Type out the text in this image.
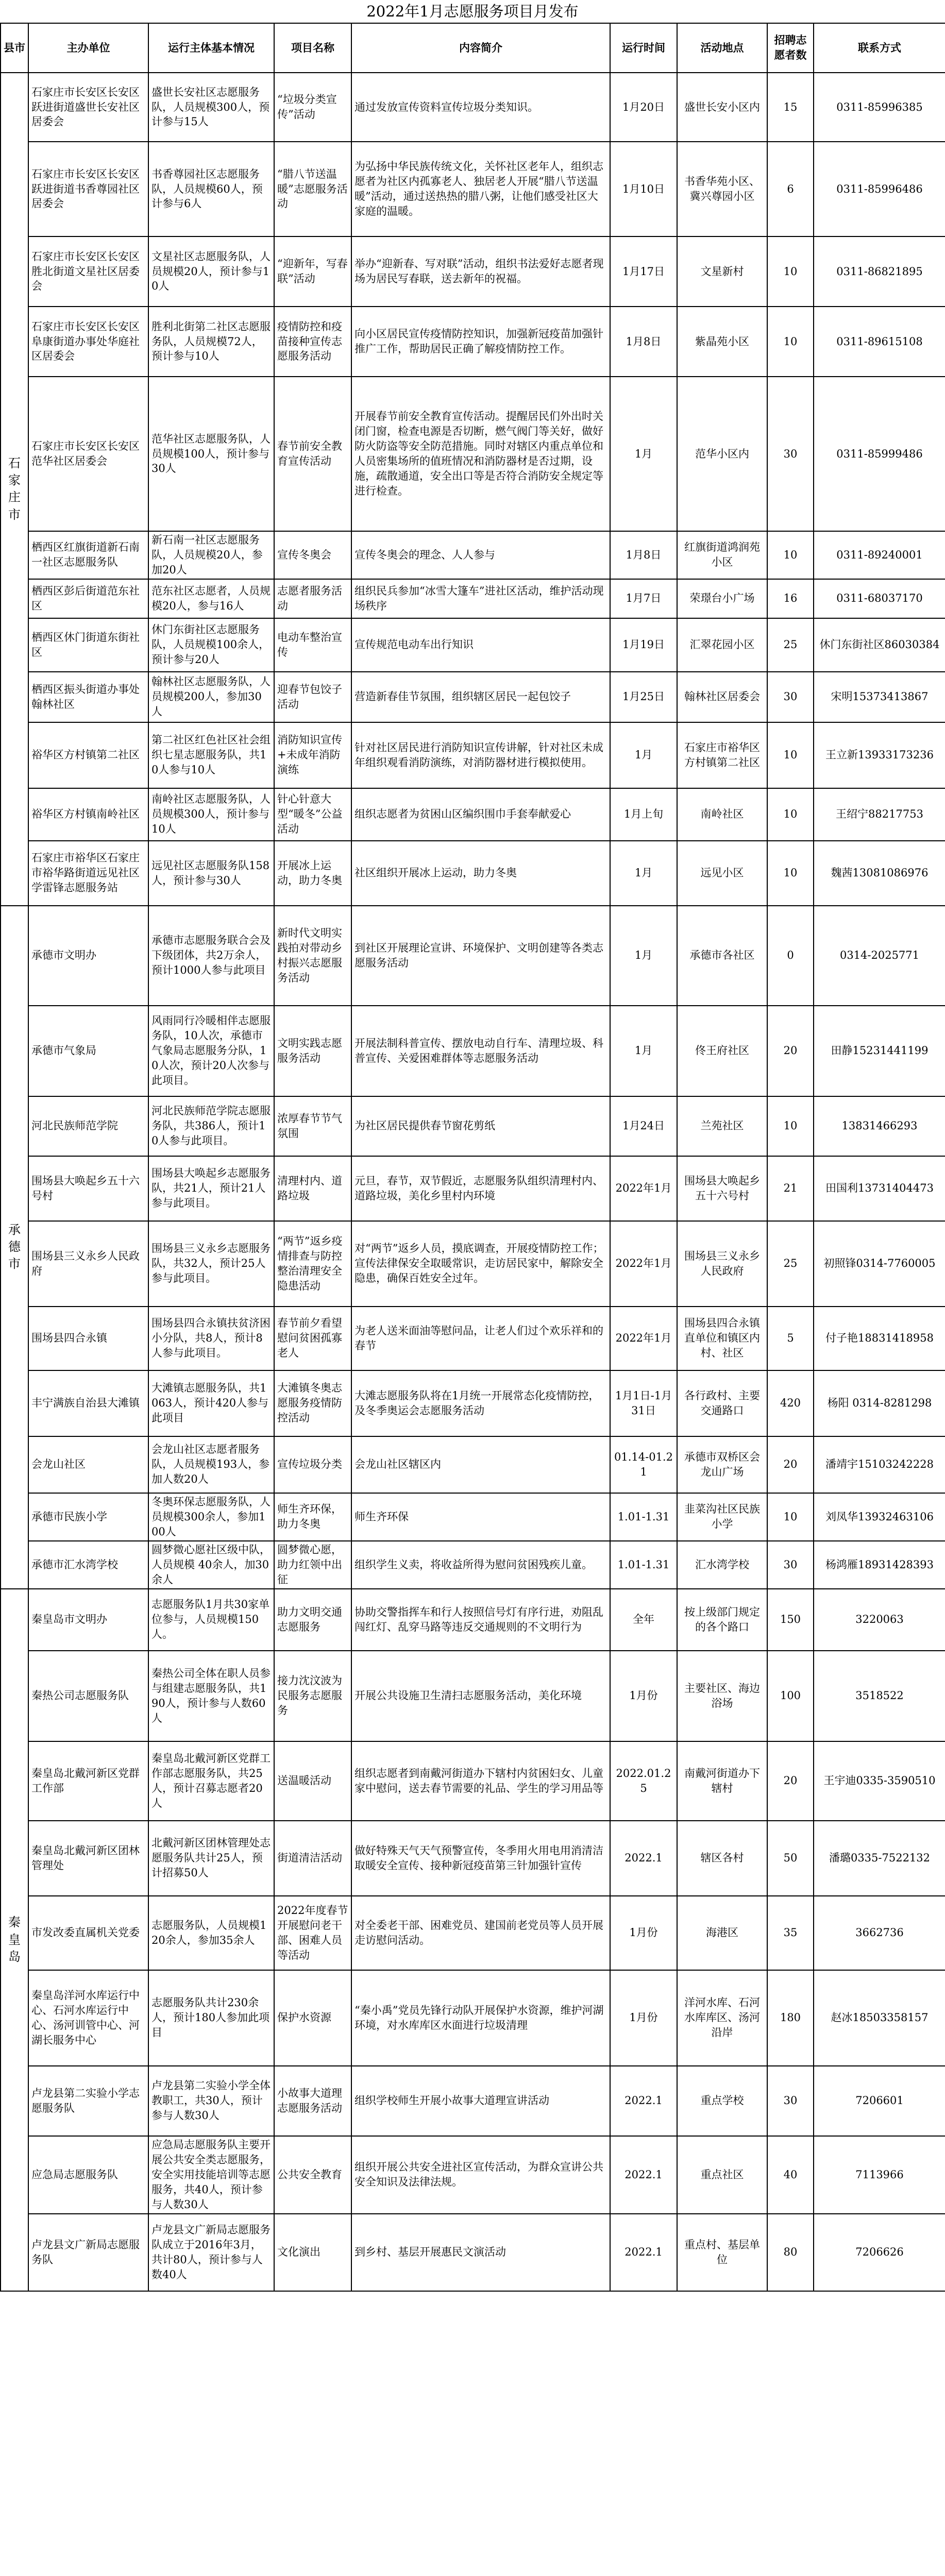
2022年1月志愿服务项目月发布
县市	主办单位	运行主体基本情况	项目名称	内容简介	运行时间	活动地点	招聘志愿者数	联系方式
石家庄市	石家庄市长安区长安区跃进街道盛世长安社区居委会	盛世长安社区志愿服务队，人员规模300人，预计参与15人	“垃圾分类宣传”活动	通过发放宣传资料宣传垃圾分类知识。	1月20日	盛世长安小区内	15	0311-85996385
	石家庄市长安区长安区跃进街道书香尊园社区居委会	书香尊园社区志愿服务队，人员规模60人，预计参与6人	“腊八节送温暖”志愿服务活动	为弘扬中华民族传统文化，关怀社区老年人，组织志愿者为社区内孤寡老人、独居老人开展“腊八节送温暖”活动，通过送热热的腊八粥，让他们感受社区大家庭的温暖。	1月10日	书香华苑小区、冀兴尊园小区	6	0311-85996486
	石家庄市长安区长安区胜北街道文星社区居委会	文星社区志愿服务队，人员规模20人，预计参与10人	“迎新年，写春联”活动	举办“迎新春、写对联”活动，组织书法爱好志愿者现场为居民写春联，送去新年的祝福。	1月17日	文星新村	10	0311-86821895
	石家庄市长安区长安区阜康街道办事处华庭社区居委会	胜利北街第二社区志愿服务队，人员规模72人，预计参与10人	疫情防控和疫苗接种宣传志愿服务活动	向小区居民宣传疫情防控知识，加强新冠疫苗加强针推广工作，帮助居民正确了解疫情防控工作。	1月8日	紫晶苑小区	10	0311-89615108
	石家庄市长安区长安区范华社区居委会	范华社区志愿服务队，人员规模100人，预计参与30人	春节前安全教育宣传活动	开展春节前安全教育宣传活动。提醒居民们外出时关闭门窗，检查电源是否切断，燃气阀门等关好，做好防火防盗等安全防范措施。同时对辖区内重点单位和人员密集场所的值班情况和消防器材是否过期，设施，疏散通道，安全出口等是否符合消防安全规定等进行检查。	1月	范华小区内	30	0311-85999486
	栖西区红旗街道新石南一社区志愿服务队	新石南一社区志愿服务队，人员规模20人，参加20人	宣传冬奥会	宣传冬奥会的理念、人人参与	1月8日	红旗街道鸿润苑小区	10	0311-89240001
	栖西区彭后街道范东社区	范东社区志愿者，人员规模20人，参与16人	志愿者服务活动	组织民兵参加“冰雪大篷车”进社区活动，维护活动现场秩序	1月7日	荣璟台小广场	16	0311-68037170
	栖西区休门街道东街社区	休门东街社区志愿服务队，人员规模100余人，预计参与20人	电动车整治宣传	宣传规范电动车出行知识	1月19日	汇翠花园小区	25	休门东街社区86030384
	栖西区振头街道办事处翰林社区	翰林社区志愿服务队，人员规模200人，参加30人	迎春节包饺子活动	营造新春佳节氛围，组织辖区居民一起包饺子	1月25日	翰林社区居委会	30	宋明15373413867
	裕华区方村镇第二社区	第二社区红色社区社会组织七星志愿服务队，共10人参与10人	消防知识宣传+未成年消防演练	针对社区居民进行消防知识宣传讲解，针对社区未成年组织观看消防演练，对消防器材进行模拟使用。	1月	石家庄市裕华区方村镇第二社区	10	王立新13933173236
	裕华区方村镇南岭社区	南岭社区志愿服务队，人员规模300人，预计参与10人	针心针意大型“暖冬”公益活动	组织志愿者为贫困山区编织围巾手套奉献爱心	1月上旬	南岭社区	10	王绍宁88217753
	石家庄市裕华区石家庄市裕华路街道远见社区学雷锋志愿服务站	远见社区志愿服务队158人，预计参与30人	开展冰上运动，助力冬奥	社区组织开展冰上运动，助力冬奥	1月	远见小区	10	魏茜13081086976
承德市	承德市文明办	承德市志愿服务联合会及下级团体，共2万余人，预计1000人参与此项目	新时代文明实践拍对带动乡村振兴志愿服务活动	到社区开展理论宣讲、环境保护、文明创建等各类志愿服务活动	1月	承德市各社区	0	0314-2025771
	承德市气象局	风雨同行冷暖相伴志愿服务队，10人次，承德市气象局志愿服务分队，10人次，预计20人次参与此项目。	文明实践志愿服务活动	开展法制科普宣传、摆放电动自行车、清理垃圾、科普宣传、关爱困难群体等志愿服务活动	1月	佟王府社区	20	田静15231441199
	河北民族师范学院	河北民族师范学院志愿服务队，共386人，预计10人参与此项目。	浓厚春节节气氛围	为社区居民提供春节窗花剪纸	1月24日	兰苑社区	10	13831466293
	围场县大唤起乡五十六号村	围场县大唤起乡志愿服务队，共21人，预计21人参与此项目。	清理村内、道路垃圾	元旦，春节，双节假近，志愿服务队组织清理村内、道路垃圾，美化乡里村内环境	2022年1月	围场县大唤起乡五十六号村	21	田国利13731404473
	围场县三义永乡人民政府	围场县三义永乡志愿服务队，共32人，预计25人参与此项目。	“两节”返乡疫情排查与防控整治清理安全隐患活动	对“两节”返乡人员，摸底调查，开展疫情防控工作；宣传法律保安全取暖常识，走访居民家中，解除安全隐患，确保百姓安全过年。	2022年1月	围场县三义永乡人民政府	25	初照锋0314-7760005
	围场县四合永镇	围场县四合永镇扶贫济困小分队，共8人，预计8人参与此项目。	春节前夕看望慰问贫困孤寡老人	为老人送米面油等慰问品，让老人们过个欢乐祥和的春节	2022年1月	围场县四合永镇直单位和镇区内村、社区	5	付子艳18831418958
	丰宁满族自治县大滩镇	大滩镇志愿服务队，共1063人，预计420人参与此项目	大滩镇冬奥志愿服务疫情防控活动	大滩志愿服务队将在1月统一开展常态化疫情防控，及冬季奥运会志愿服务活动	1月1日-1月31日	各行政村、主要交通路口	420	杨阳 0314-8281298
	会龙山社区	会龙山社区志愿者服务队，人员规模193人，参加人数20人	宣传垃圾分类	会龙山社区辖区内	01.14-01.21	承德市双桥区会龙山广场	20	潘靖宇15103242228
	承德市民族小学	冬奥环保志愿服务队，人员规模300余人，参加100人	师生齐环保，助力冬奥	师生齐环保	1.01-1.31	韭菜沟社区民族小学	10	刘凤华13932463106
	承德市汇水湾学校	圆梦微心愿社区级中队，人员规模 40余人，加30余人	圆梦微心愿，助力红领中出征	组织学生义卖，将收益所得为慰问贫困残疾儿童。	1.01-1.31	汇水湾学校	30	杨鸿雁18931428393
秦皇岛	秦皇岛市文明办	志愿服务队1月共30家单位参与，人员规模150人。	助力文明交通志愿服务	协助交警指挥车和行人按照信号灯有序行进，劝阻乱闯红灯、乱穿马路等违反交通规则的不文明行为	全年	按上级部门规定的各个路口	150	3220063
	秦热公司志愿服务队	秦热公司全体在职人员参与组建志愿服务队，共190人，预计参与人数60人	接力沈汶波为民服务志愿服务	开展公共设施卫生清扫志愿服务活动，美化环境	1月份	主要社区、海边浴场	100	3518522
	秦皇岛北戴河新区党群工作部	秦皇岛北戴河新区党群工作部志愿服务队，共25人，预计召募志愿者20人	送温暖活动	组织志愿者到南戴河街道办下辖村内贫困妇女、儿童家中慰问，送去春节需要的礼品、学生的学习用品等	2022.01.25	南戴河街道办下辖村	20	王宇迪0335-3590510
	秦皇岛北戴河新区团林管理处	北戴河新区团林管理处志愿服务队共计25人，预计招募50人	街道清洁活动	做好特殊天气天气预警宣传，冬季用火用电用消清洁取暖安全宣传、接种新冠疫苗第三针加强针宣传	2022.1	辖区各村	50	潘璐0335-7522132
	市发改委直属机关党委	志愿服务队，人员规模120余人，参加35余人	2022年度春节开展慰问老干部、困难人员等活动	对全委老干部、困难党员、建国前老党员等人员开展走访慰问活动。	1月份	海港区	35	3662736
	秦皇岛洋河水库运行中心、石河水库运行中心、汤河训管中心、河湖长服务中心	志愿服务队共计230余人，预计180人参加此项目	保护水资源	“秦小禹”党员先锋行动队开展保护水资源，维护河湖环境，对水库库区水面进行垃圾清理	1月份	洋河水库、石河水库库区、汤河沿岸	180	赵冰18503358157
	卢龙县第二实验小学志愿服务队	卢龙县第二实验小学全体教职工，共30人，预计参与人数30人	小故事大道理志愿服务活动	组织学校师生开展小故事大道理宣讲活动	2022.1	重点学校	30	7206601
	应急局志愿服务队	应急局志愿服务队主要开展公共安全类志愿服务，安全实用技能培训等志愿服务，共40人，预计参与人数30人	公共安全教育	组织开展公共安全进社区宣传活动，为群众宣讲公共安全知识及法律法规。	2022.1	重点社区	40	7113966
	卢龙县文广新局志愿服务队	卢龙县文广新局志愿服务队成立于2016年3月，共计80人，预计参与人数40人	文化演出	到乡村、基层开展惠民文演活动	2022.1	重点村、基层单位	80	7206626
